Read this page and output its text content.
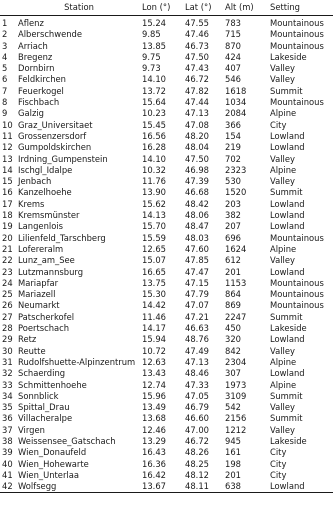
	Station	Lon (°)	Lat (°)	Alt (m)	Setting
1	Aflenz	15.24	47.55	783	Mountainous
2	Alberschwende	9.85	47.46	715	Mountainous
3	Arriach	13.85	46.73	870	Mountainous
4	Bregenz	9.75	47.50	424	Lakeside
5	Dornbirn	9.73	47.43	407	Valley
6	Feldkirchen	14.10	46.72	546	Valley
7	Feuerkogel	13.72	47.82	1618	Summit
8	Fischbach	15.64	47.44	1034	Mountainous
9	Galzig	10.23	47.13	2084	Alpine
10	Graz_Universitaet	15.45	47.08	366	City
11	Grossenzersdorf	16.56	48.20	154	Lowland
12	Gumpoldskirchen	16.28	48.04	219	Lowland
13	Irdning_Gumpenstein	14.10	47.50	702	Valley
14	Ischgl_Idalpe	10.32	46.98	2323	Alpine
15	Jenbach	11.76	47.39	530	Valley
16	Kanzelhoehe	13.90	46.68	1520	Summit
17	Krems	15.62	48.42	203	Lowland
18	Kremsmünster	14.13	48.06	382	Lowland
19	Langenlois	15.70	48.47	207	Lowland
20	Lilienfeld_Tarschberg	15.59	48.03	696	Mountainous
21	Lofereralm	12.65	47.60	1624	Alpine
22	Lunz_am_See	15.07	47.85	612	Valley
23	Lutzmannsburg	16.65	47.47	201	Lowland
24	Mariapfar	13.75	47.15	1153	Mountainous
25	Mariazell	15.30	47.79	864	Mountainous
26	Neumarkt	14.42	47.07	869	Mountainous
27	Patscherkofel	11.46	47.21	2247	Summit
28	Poertschach	14.17	46.63	450	Lakeside
29	Retz	15.94	48.76	320	Lowland
30	Reutte	10.72	47.49	842	Valley
31	Rudolfshuette-Alpinzentrum	12.63	47.13	2304	Alpine
32	Schaerding	13.43	48.46	307	Lowland
33	Schmittenhoehe	12.74	47.33	1973	Alpine
34	Sonnblick	15.96	47.05	3109	Summit
35	Spittal_Drau	13.49	46.79	542	Valley
36	Villacheralpe	13.68	46.60	2156	Summit
37	Virgen	12.46	47.00	1212	Valley
38	Weissensee_Gatschach	13.29	46.72	945	Lakeside
39	Wien_Donaufeld	16.43	48.26	161	City
40	Wien_Hohewarte	16.36	48.25	198	City
41	Wien_Unterlaa	16.42	48.12	201	City
42	Wolfsegg	13.67	48.11	638	Lowland
